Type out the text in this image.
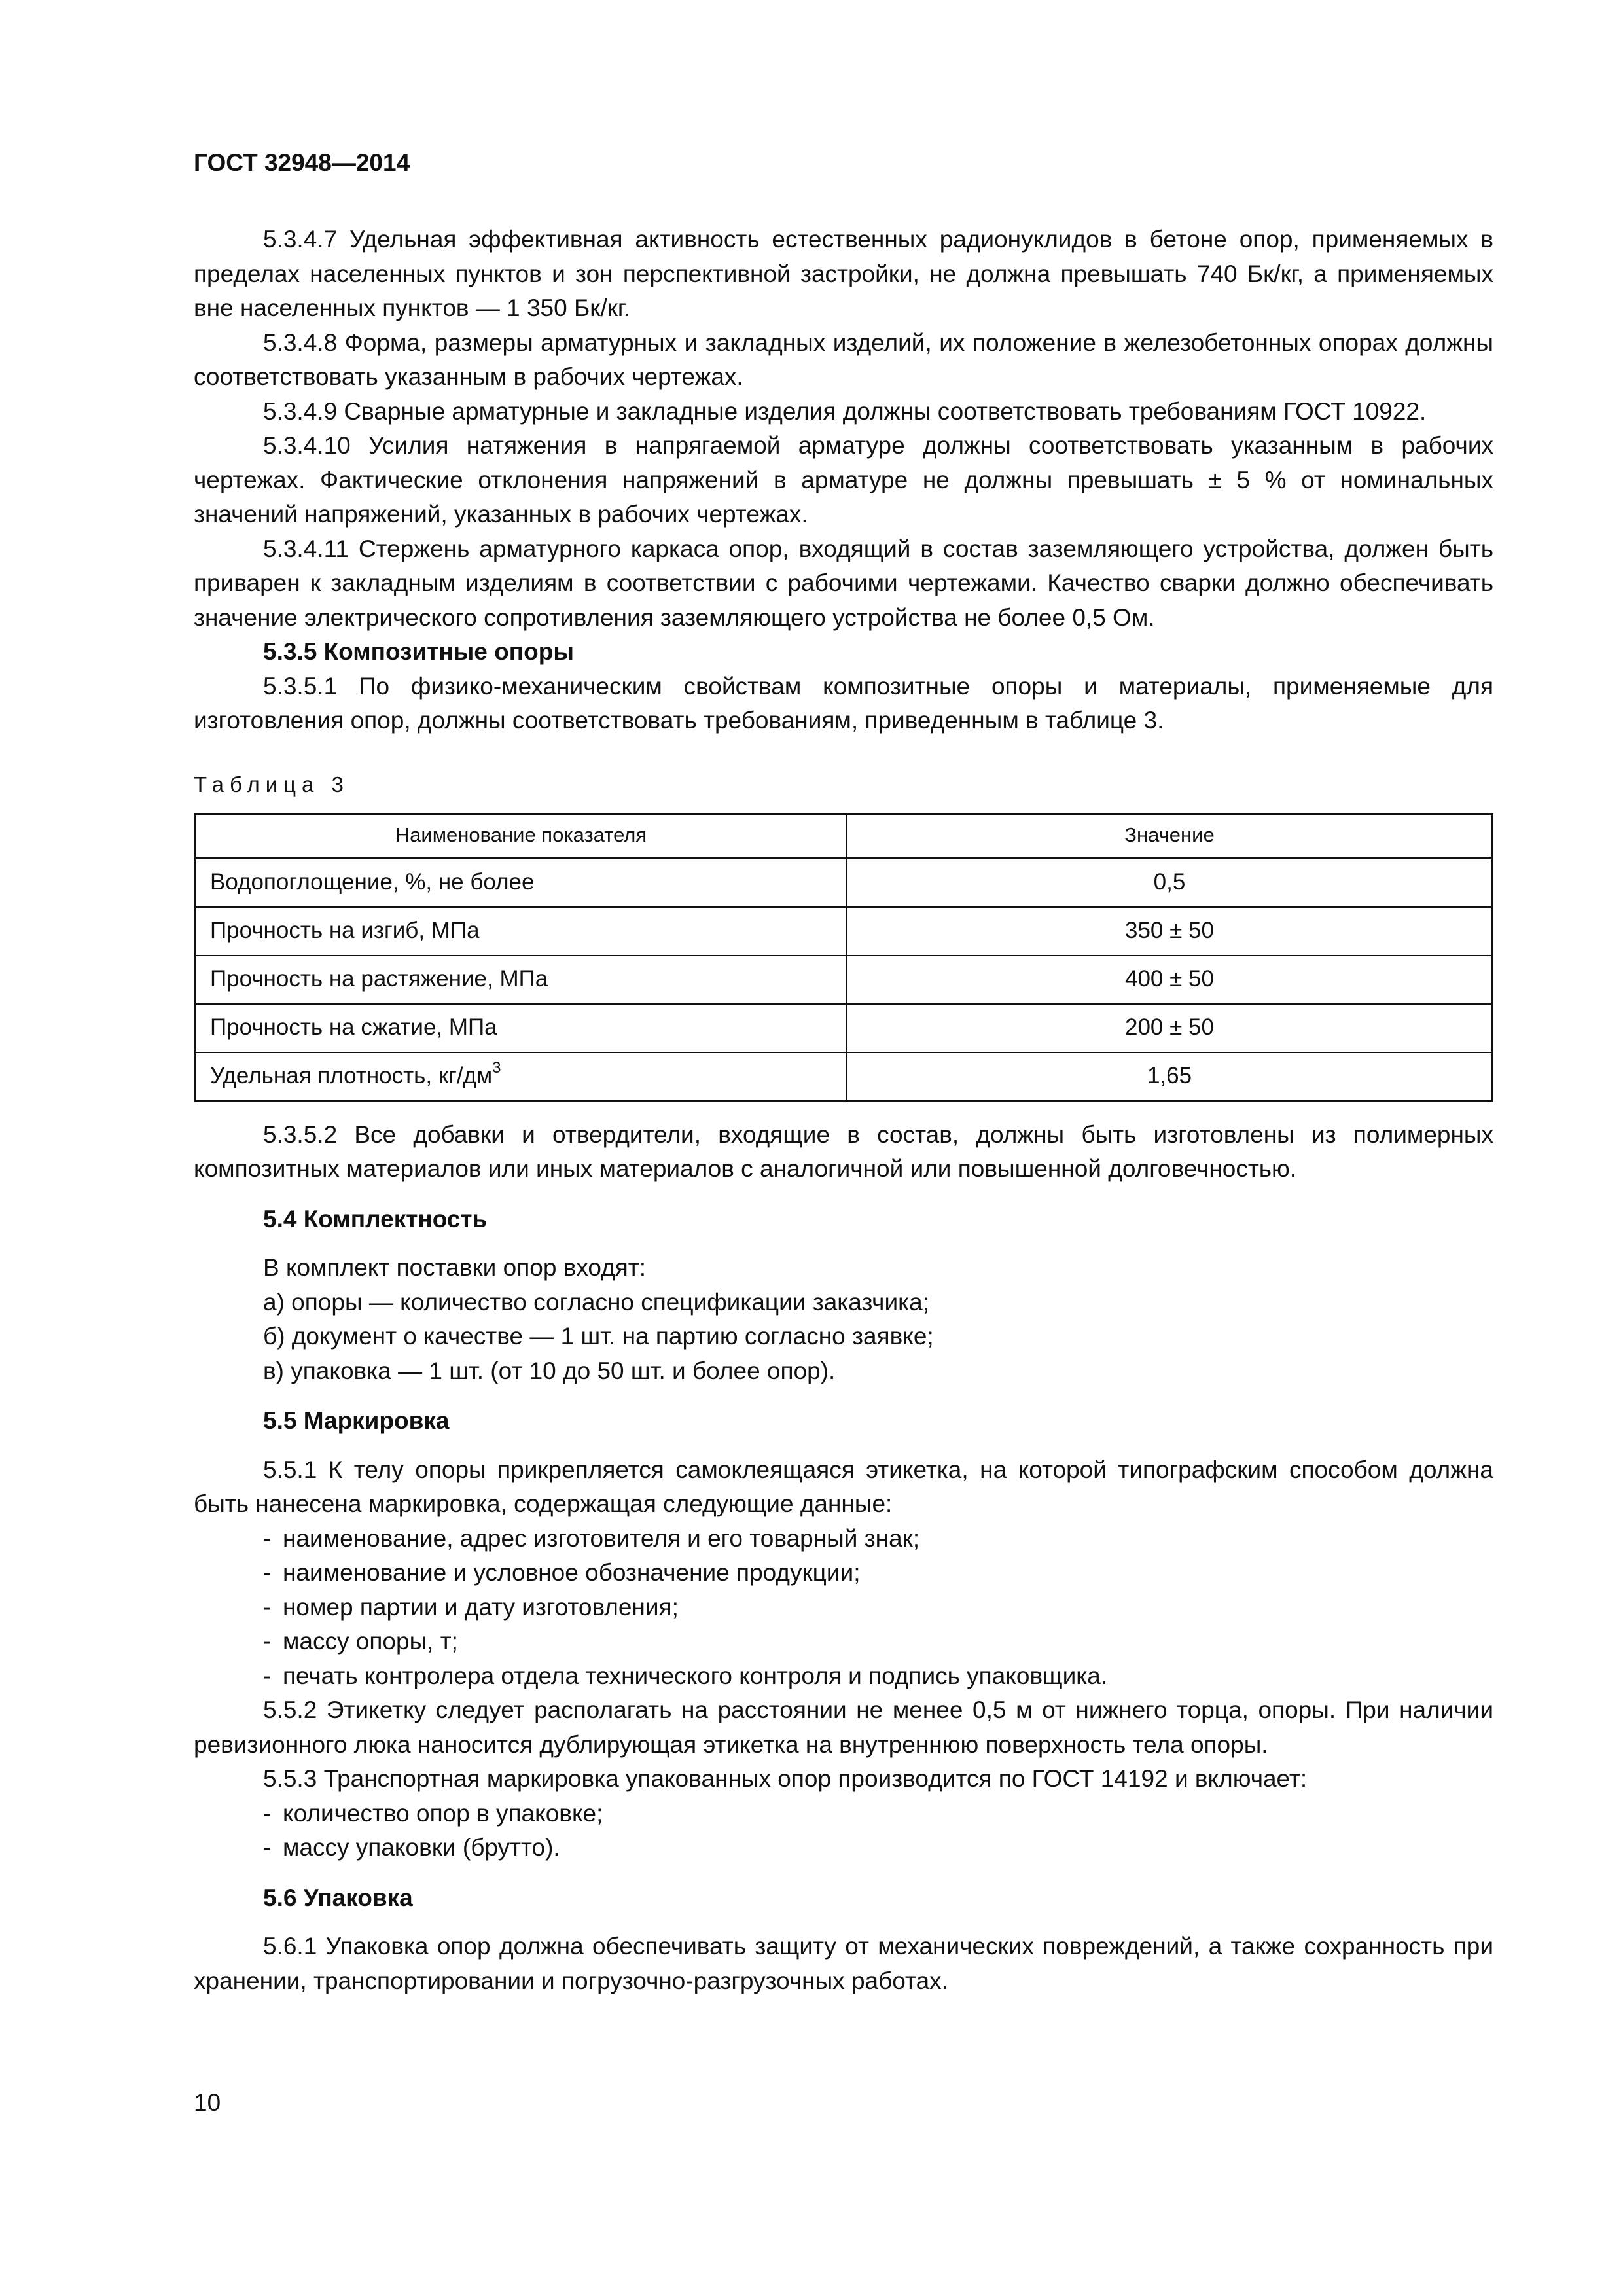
ГОСТ 32948—2014

5.3.4.7 Удельная эффективная активность естественных радионуклидов в бетоне опор, применяемых в пределах населенных пунктов и зон перспективной застройки, не должна превышать 740 Бк/кг, а применяемых вне населенных пунктов — 1 350 Бк/кг.

5.3.4.8 Форма, размеры арматурных и закладных изделий, их положение в железобетонных опорах должны соответствовать указанным в рабочих чертежах.

5.3.4.9 Сварные арматурные и закладные изделия должны соответствовать требованиям ГОСТ 10922.

5.3.4.10 Усилия натяжения в напрягаемой арматуре должны соответствовать указанным в рабочих чертежах. Фактические отклонения напряжений в арматуре не должны превышать ± 5 % от номинальных значений напряжений, указанных в рабочих чертежах.

5.3.4.11 Стержень арматурного каркаса опор, входящий в состав заземляющего устройства, должен быть приварен к закладным изделиям в соответствии с рабочими чертежами. Качество сварки должно обеспечивать значение электрического сопротивления заземляющего устройства не более 0,5 Ом.

5.3.5 Композитные опоры

5.3.5.1 По физико-механическим свойствам композитные опоры и материалы, применяемые для изготовления опор, должны соответствовать требованиям, приведенным в таблице 3.

Таблица 3
Наименование показателя	Значение
Водопоглощение, %, не более	0,5
Прочность на изгиб, МПа	350 ± 50
Прочность на растяжение, МПа	400 ± 50
Прочность на сжатие, МПа	200 ± 50
Удельная плотность, $кг/дм^3$	1,65

5.3.5.2 Все добавки и отвердители, входящие в состав, должны быть изготовлены из полимерных композитных материалов или иных материалов с аналогичной или повышенной долговечностью.

5.4 Комплектность

В комплект поставки опор входят:

а) опоры — количество согласно спецификации заказчика;

б) документ о качестве — 1 шт. на партию согласно заявке;

в) упаковка — 1 шт. (от 10 до 50 шт. и более опор).

5.5 Маркировка

5.5.1 К телу опоры прикрепляется самоклеящаяся этикетка, на которой типографским способом должна быть нанесена маркировка, содержащая следующие данные:

- наименование, адрес изготовителя и его товарный знак;
- наименование и условное обозначение продукции;
- номер партии и дату изготовления;
- массу опоры, т;
- печать контролера отдела технического контроля и подпись упаковщика.

5.5.2 Этикетку следует располагать на расстоянии не менее 0,5 м от нижнего торца, опоры. При наличии ревизионного люка наносится дублирующая этикетка на внутреннюю поверхность тела опоры.

5.5.3 Транспортная маркировка упакованных опор производится по ГОСТ 14192 и включает:

- количество опор в упаковке;
- массу упаковки (брутто).

5.6 Упаковка

5.6.1 Упаковка опор должна обеспечивать защиту от механических повреждений, а также сохранность при хранении, транспортировании и погрузочно-разгрузочных работах.

10
